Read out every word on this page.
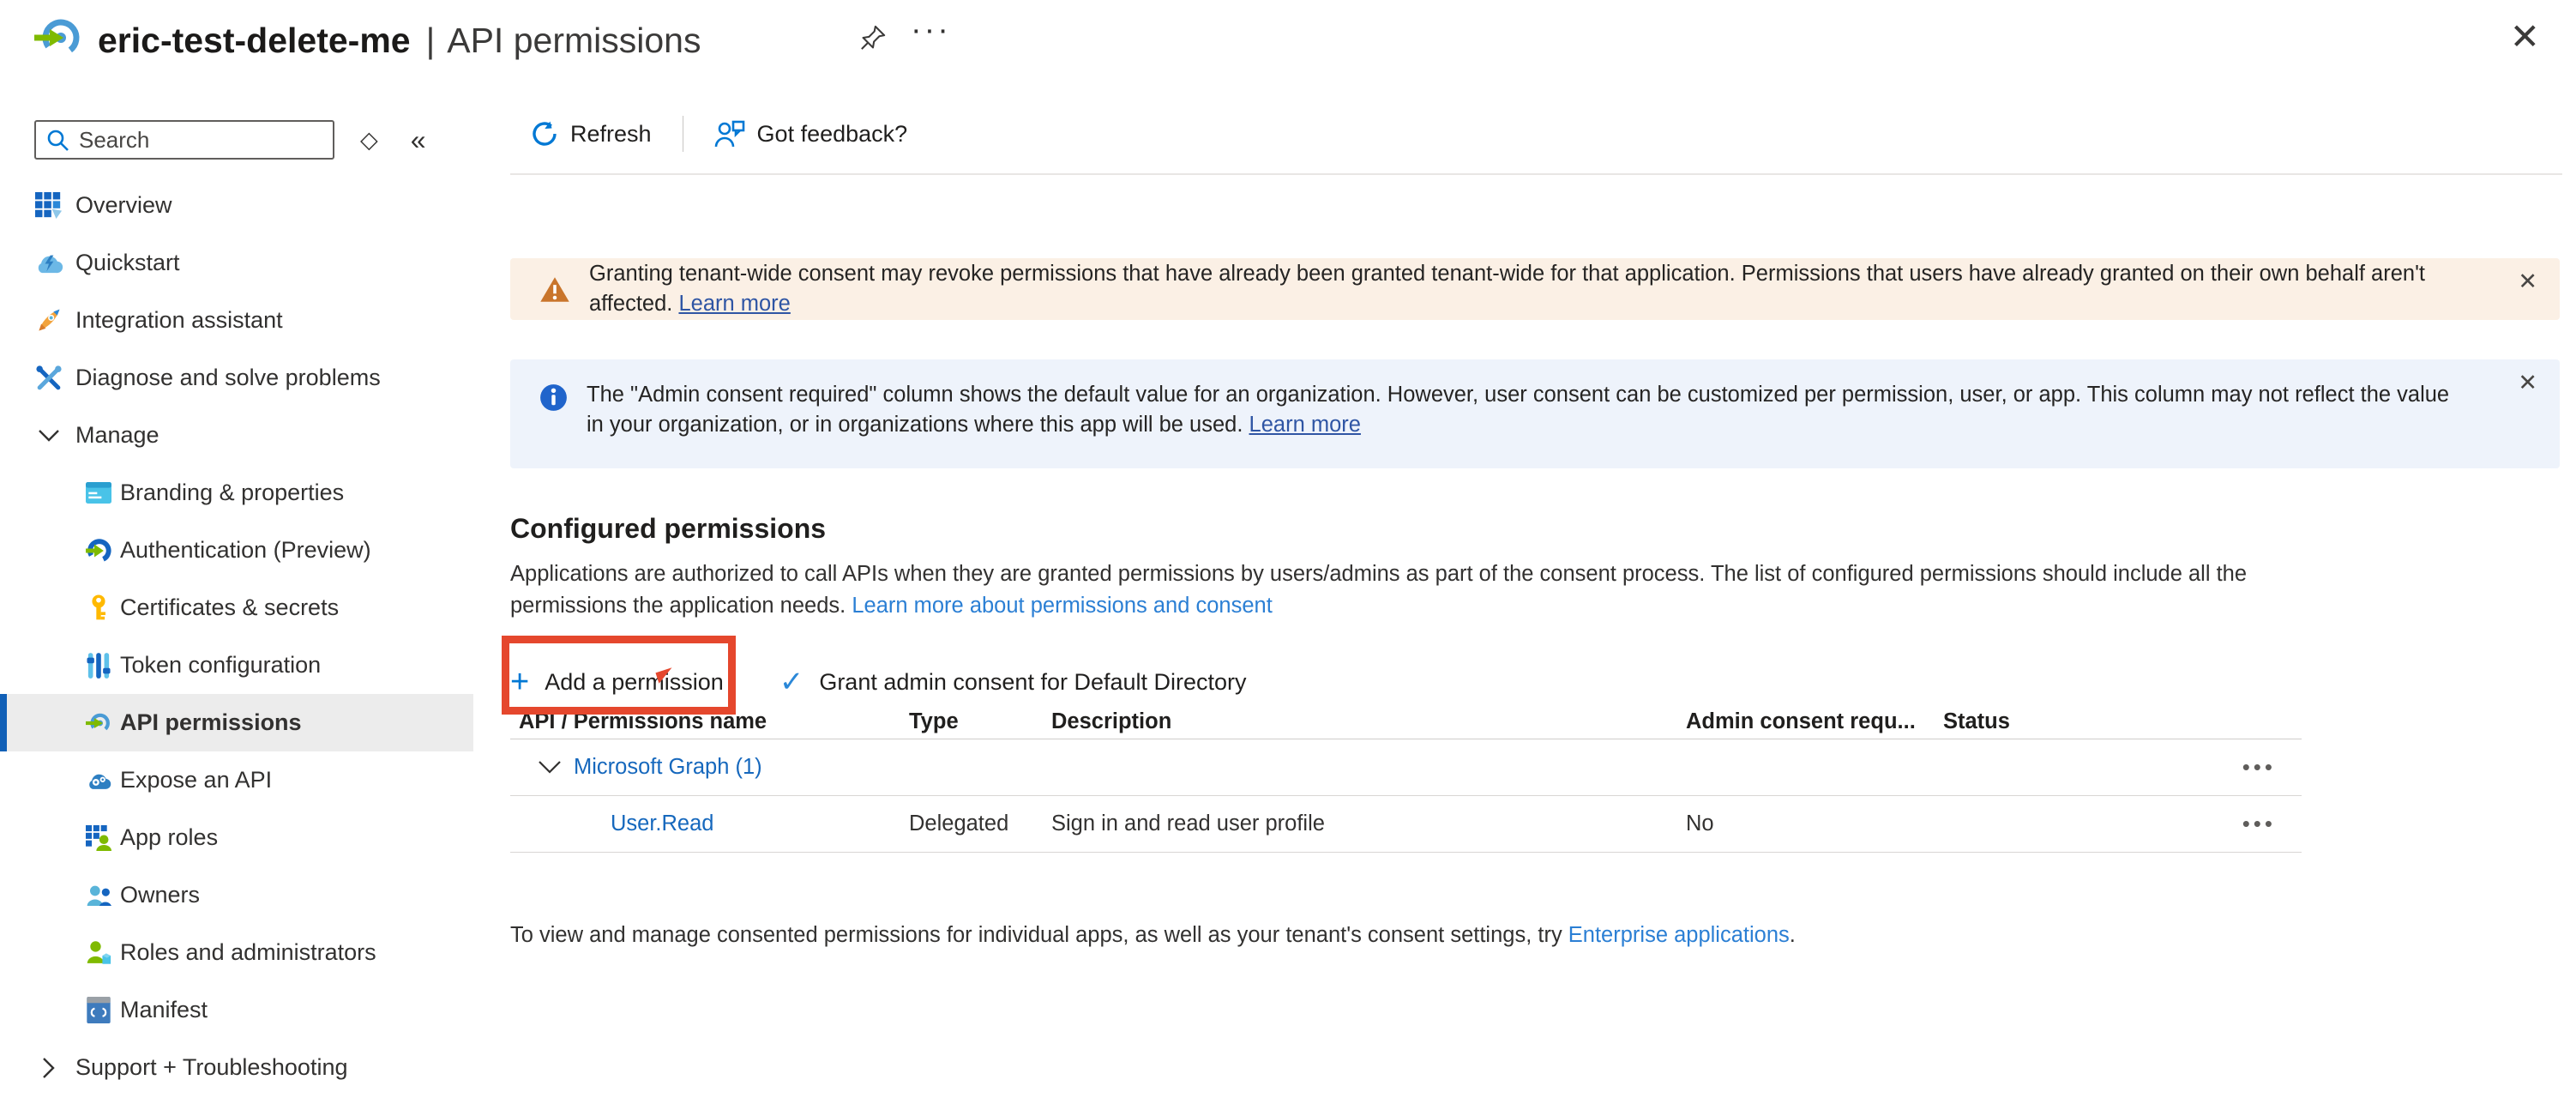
eric-test-delete-me | API permissions	···	✕
Search
◇ «
Overview
Quickstart
Integration assistant
Diagnose and solve problems
Manage
Branding & properties
Authentication (Preview)
Certificates & secrets
Token configuration
API permissions
Expose an API
App roles
Owners
Roles and administrators
Manifest
Support + Troubleshooting
Refresh	Got feedback?
Granting tenant-wide consent may revoke permissions that have already been granted tenant-wide for that application. Permissions that users have already granted on their own behalf aren't affected. Learn more
✕
The "Admin consent required" column shows the default value for an organization. However, user consent can be customized per permission, user, or app. This column may not reflect the value in your organization, or in organizations where this app will be used. Learn more
✕
Configured permissions
Applications are authorized to call APIs when they are granted permissions by users/admins as part of the consent process. The list of configured permissions should include all the permissions the application needs. Learn more about permissions and consent
+ Add a permission ✓ Grant admin consent for Default Directory
API / Permissions name	Type	Description	Admin consent requ...	Status
Microsoft Graph (1)	•••
User.Read	Delegated	Sign in and read user profile	No	•••
To view and manage consented permissions for individual apps, as well as your tenant's consent settings, try Enterprise applications.
